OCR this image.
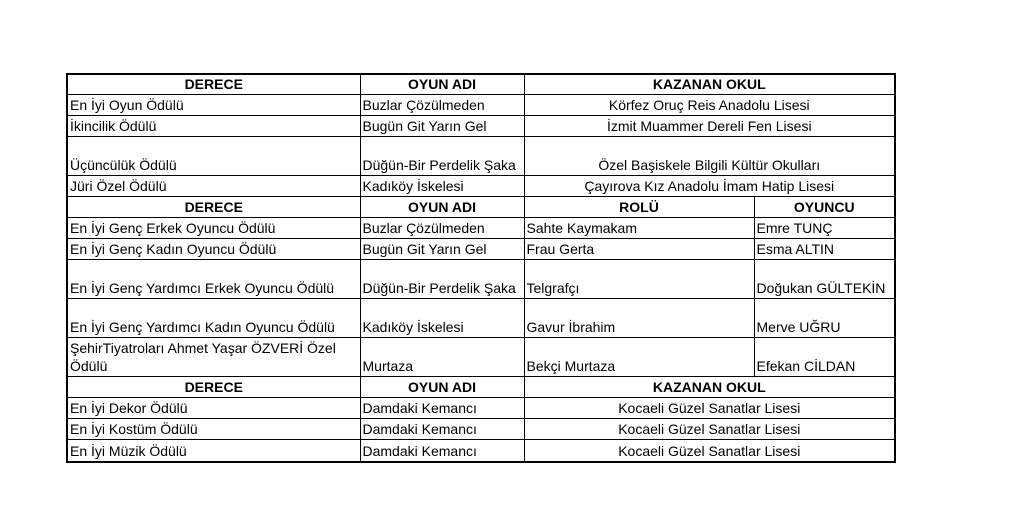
DERECE	OYUN ADI	KAZANAN OKUL	
En İyi Oyun Ödülü	Buzlar Çözülmeden	Körfez Oruç Reis Anadolu Lisesi	
İkincilik Ödülü	Bugün Git Yarın Gel	İzmit Muammer Dereli Fen Lisesi	
Üçüncülük Ödülü	Düğün-Bir Perdelik Şaka	Özel Başiskele Bilgili Kültür Okulları	
Jüri Özel Ödülü	Kadıköy İskelesi	Çayırova Kız Anadolu İmam Hatip Lisesi	
DERECE	OYUN ADI	ROLÜ	OYUNCU
En İyi Genç Erkek Oyuncu Ödülü	Buzlar Çözülmeden	Sahte Kaymakam	Emre TUNÇ
En İyi Genç Kadın Oyuncu Ödülü	Bugün Git Yarın Gel	Frau Gerta	Esma ALTIN
En İyi Genç Yardımcı Erkek Oyuncu Ödülü	Düğün-Bir Perdelik Şaka	Telgrafçı	Doğukan GÜLTEKİN
En İyi Genç Yardımcı Kadın Oyuncu Ödülü	Kadıköy İskelesi	Gavur İbrahim	Merve UĞRU
ŞehirTiyatroları Ahmet Yaşar ÖZVERİ Özel Ödülü	Murtaza	Bekçi Murtaza	Efekan CİLDAN
DERECE	OYUN ADI	KAZANAN OKUL	
En İyi Dekor Ödülü	Damdaki Kemancı	Kocaeli Güzel Sanatlar Lisesi	
En İyi Kostüm Ödülü	Damdaki Kemancı	Kocaeli Güzel Sanatlar Lisesi	
En İyi Müzik Ödülü	Damdaki Kemancı	Kocaeli Güzel Sanatlar Lisesi	
